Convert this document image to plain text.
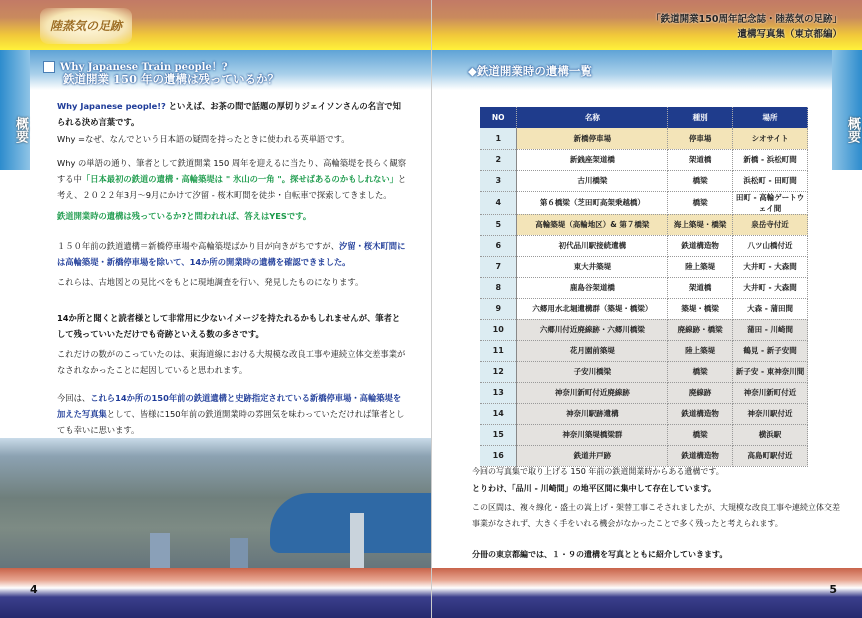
陸蒸気の足跡
概要
Why Japanese Train people！?
鉄道開業 150 年の遺構は残っているか？
Why Japanese people!? といえば、お茶の間で話題の厚切りジェイソンさんの名言で知られる決め言葉です。
Why =なぜ、なんでという日本語の疑問を持ったときに使われる英単語です。
Why の単語の通り、筆者として鉄道開業 150 周年を迎えるに当たり、高輪築堤を長らく観察する中「日本最初の鉄道の遺構・高輪築堤は " 氷山の一角 "。探せばあるのかもしれない」と考え、２０２２年3月～9月にかけて汐留 - 桜木町間を徒歩・自転車で探索してきました。
鉄道開業時の遺構は残っているか?と問われれば、答えはYESです。
１５０年前の鉄道遺構＝新橋停車場や高輪築堤ばかり目が向きがちですが、汐留・桜木町間には高輪築堤・新橋停車場を除いて、14か所の開業時の遺構を確認できました。
これらは、古地図との見比べをもとに現地調査を行い、発見したものになります。
14か所と聞くと読者様として非常用に少ないイメージを持たれるかもしれませんが、筆者として残っていいただけでも奇跡といえる数の多さです。
これだけの数がのこっていたのは、東海道線における大規模な改良工事や連続立体交差事業がなされなかったことに起因していると思われます。
今回は、これら14か所の150年前の鉄道遺構と史跡指定されている新橋停車場・高輪築堤を加えた写真集として、皆様に150年前の鉄道開業時の雰囲気を味わっていただければ筆者としても幸いに思います。
4
「鉄道開業150周年記念誌・陸蒸気の足跡」
遺構写真集（東京都編）
概要
◆鉄道開業時の遺構一覧
NO	名称	種別	場所
1	新橋停車場	停車場	シオサイト
2	新銭座架道橋	架道橋	新橋 - 浜松町間
3	古川橋梁	橋梁	浜松町 - 田町間
4	第６橋梁（芝田町高架乗越橋）	橋梁	田町 - 高輪ゲートウェイ間
5	高輪築堤（高輪地区）& 第７橋梁	海上築堤・橋梁	泉岳寺付近
6	初代品川駅接続遺構	鉄道構造物	八ツ山橋付近
7	東大井築堤	陸上築堤	大井町 - 大森間
8	鹿島谷架道橋	架道橋	大井町 - 大森間
9	六郷用水北堀遺構群（築堤・橋梁）	築堤・橋梁	大森 - 蒲田間
10	六郷川付近廃線跡・六郷川橋梁	廃線跡・橋梁	蒲田 - 川崎間
11	花月園前築堤	陸上築堤	鶴見 - 新子安間
12	子安川橋梁	橋梁	新子安 - 東神奈川間
13	神奈川新町付近廃線跡	廃線跡	神奈川新町付近
14	神奈川駅跡遺構	鉄道構造物	神奈川駅付近
15	神奈川築堤橋梁群	橋梁	横浜駅
16	鉄道井戸跡	鉄道構造物	高島町駅付近
今回の写真集で取り上げる 150 年前の鉄道開業時からある遺構です。
とりわけ、「品川 - 川崎間」の地平区間に集中して存在しています。
この区間は、複々線化・盛土の嵩上げ・架替工事こそされましたが、大規模な改良工事や連続立体交差事業がなされず、大きく手をいれる機会がなかったことで多く残ったと考えられます。
分冊の東京都編では、１・９の遺構を写真とともに紹介していきます。
5
